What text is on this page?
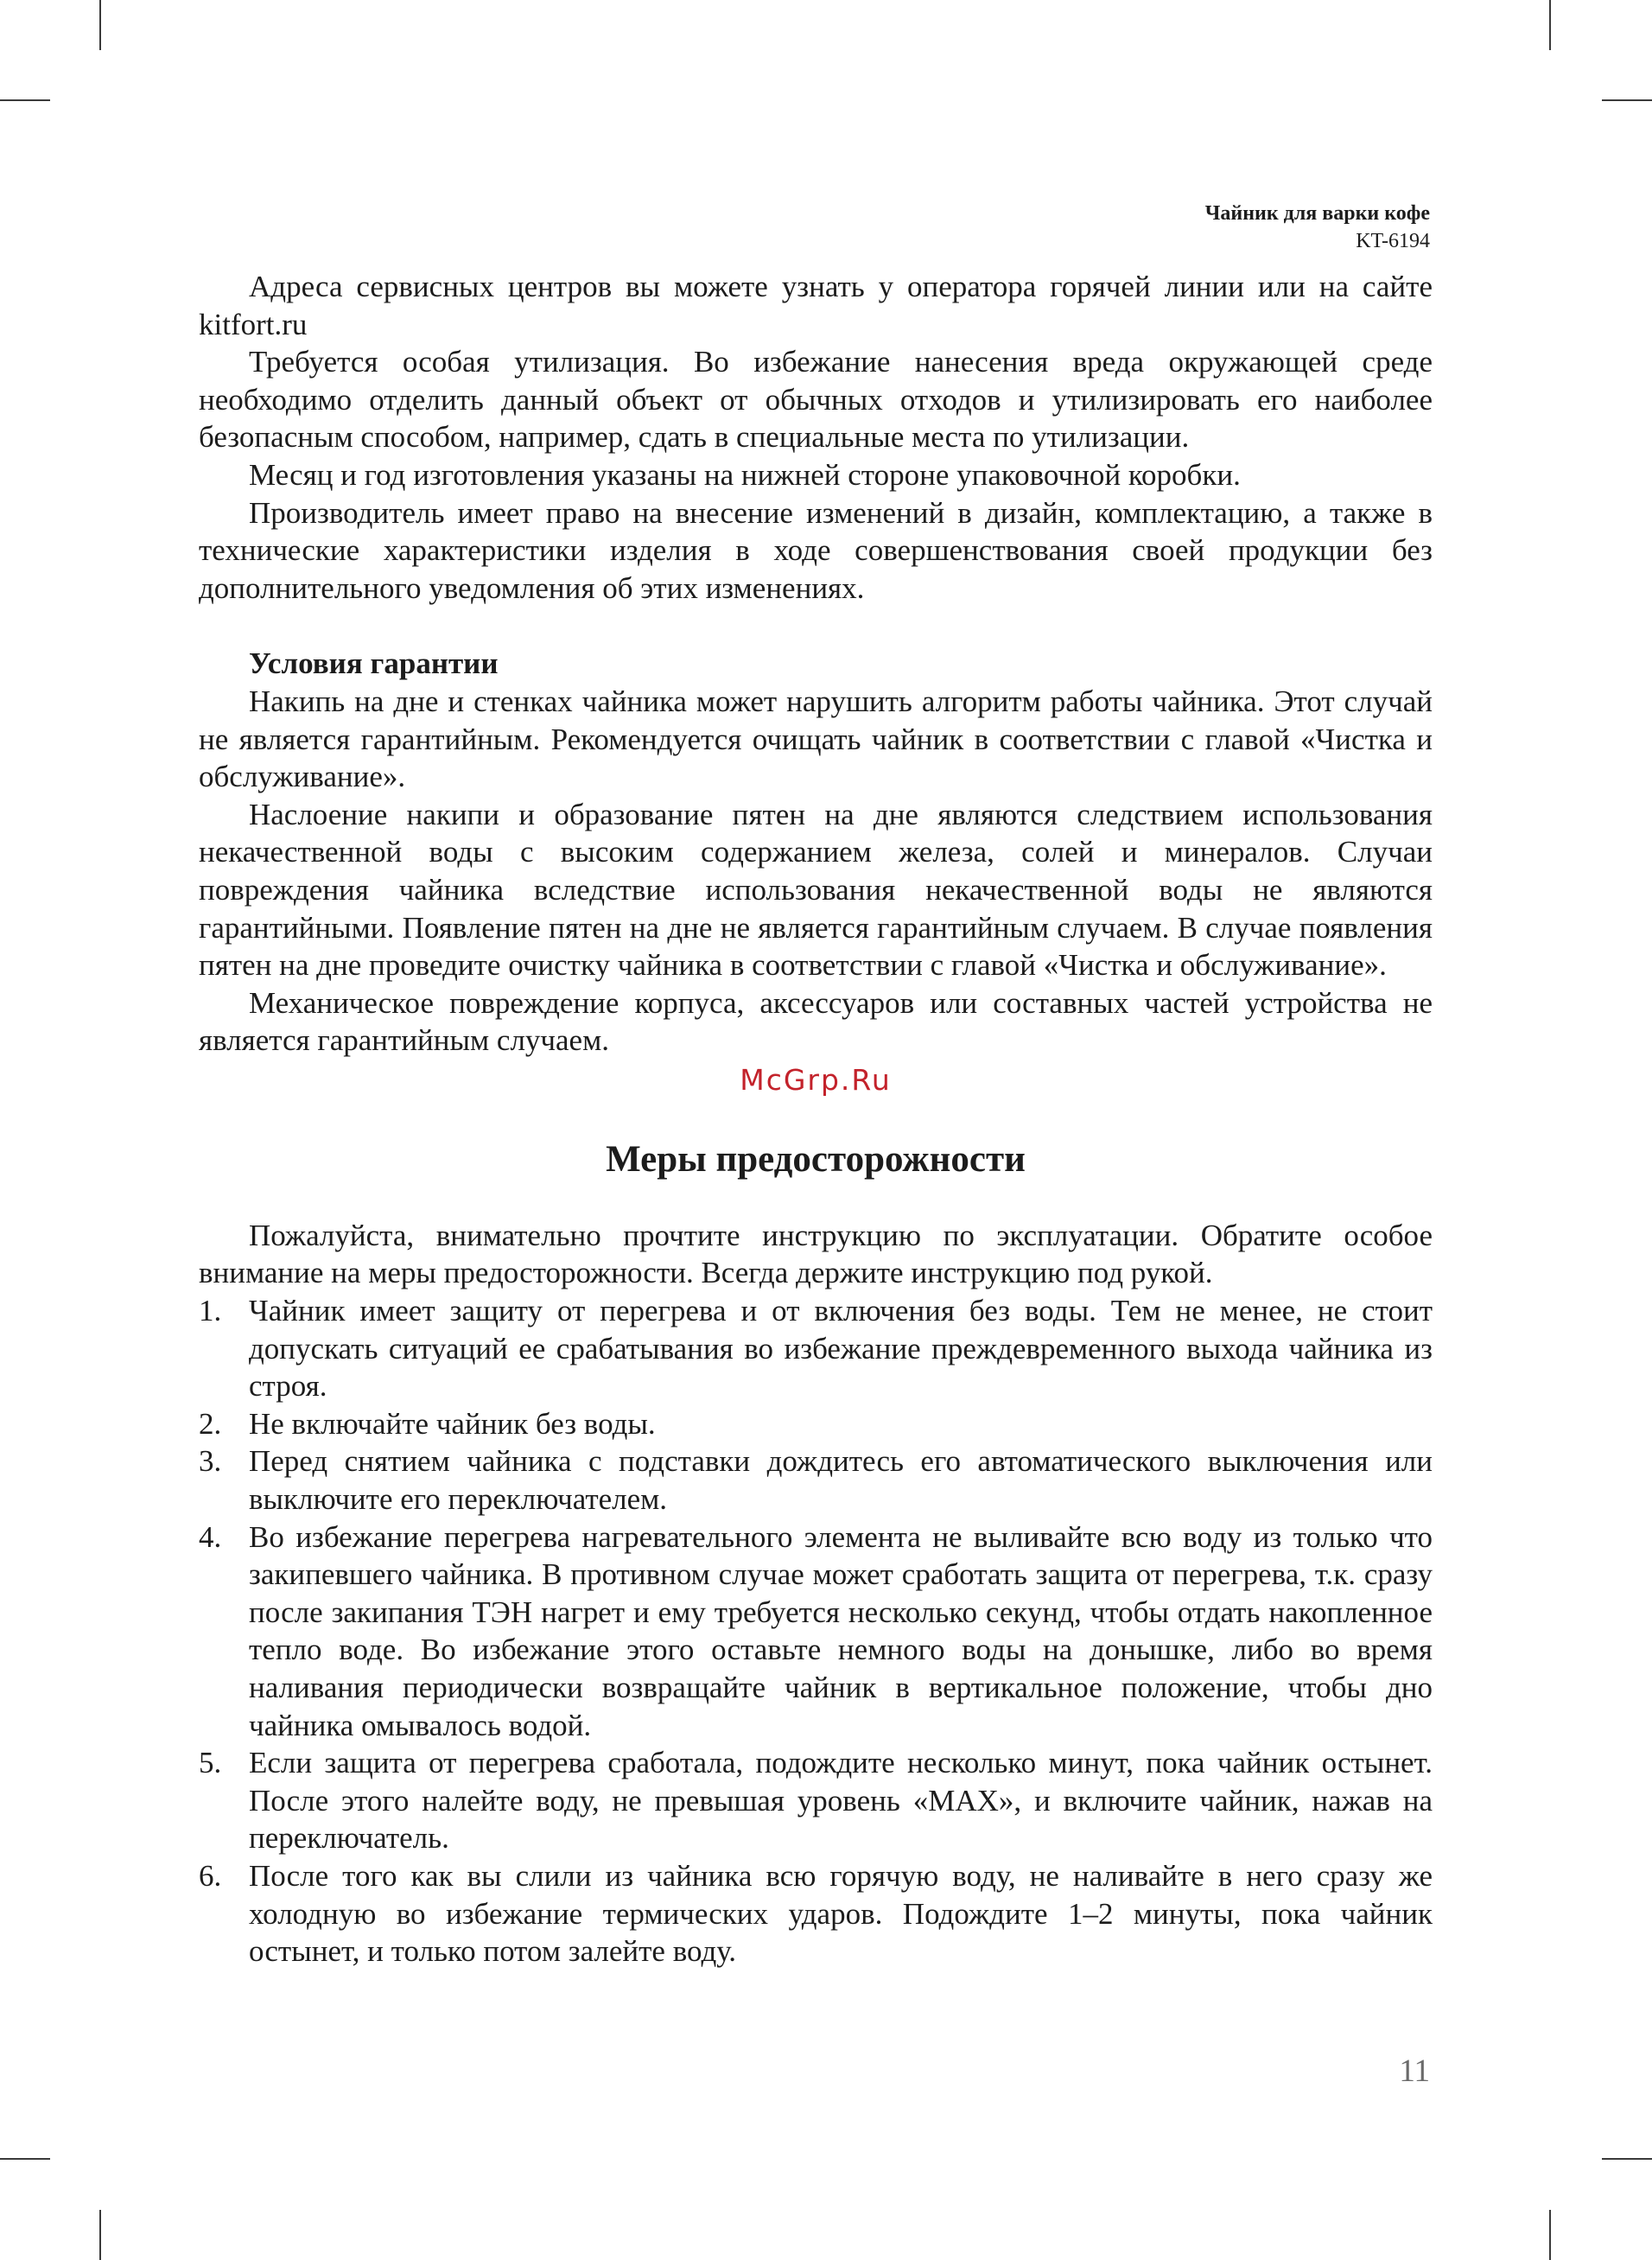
Чайник для варки кофе
KT-6194

Адреса сервисных центров вы можете узнать у оператора горячей линии или на сайте kitfort.ru

Требуется особая утилизация. Во избежание нанесения вреда окружающей среде необходимо отделить данный объект от обычных отходов и утилизировать его наиболее безопасным способом, например, сдать в специальные места по утилизации.

Месяц и год изготовления указаны на нижней стороне упаковочной коробки.

Производитель имеет право на внесение изменений в дизайн, комплектацию, а также в технические характеристики изделия в ходе совершенствования своей продукции без дополнительного уведомления об этих изменениях.

Условия гарантии

Накипь на дне и стенках чайника может нарушить алгоритм работы чайника. Этот случай не является гарантийным. Рекомендуется очищать чайник в соответствии с главой «Чистка и обслуживание».

Наслоение накипи и образование пятен на дне являются следствием использования некачественной воды с высоким содержанием железа, солей и минералов. Случаи повреждения чайника вследствие использования некачественной воды не являются гарантийными. Появление пятен на дне не является гарантийным случаем. В случае появления пятен на дне проведите очистку чайника в соответствии с главой «Чистка и обслуживание».

Механическое повреждение корпуса, аксессуаров или составных частей устройства не является гарантийным случаем.

McGrp.Ru
Меры предосторожности

Пожалуйста, внимательно прочтите инструкцию по эксплуатации. Обратите особое внимание на меры предосторожности. Всегда держите инструкцию под рукой.

1. Чайник имеет защиту от перегрева и от включения без воды. Тем не менее, не стоит допускать ситуаций ее срабатывания во избежание преждевременного выхода чайника из строя.
2. Не включайте чайник без воды.
3. Перед снятием чайника с подставки дождитесь его автоматического выключения или выключите его переключателем.
4. Во избежание перегрева нагревательного элемента не выливайте всю воду из только что закипевшего чайника. В противном случае может сработать защита от перегрева, т.к. сразу после закипания ТЭН нагрет и ему требуется несколько секунд, чтобы отдать накопленное тепло воде. Во избежание этого оставьте немного воды на донышке, либо во время наливания периодически возвращайте чайник в вертикальное положение, чтобы дно чайника омывалось водой.
5. Если защита от перегрева сработала, подождите несколько минут, пока чайник остынет. После этого налейте воду, не превышая уровень «MAX», и включите чайник, нажав на переключатель.
6. После того как вы слили из чайника всю горячую воду, не наливайте в него сразу же холодную во избежание термических ударов. Подождите 1–2 минуты, пока чайник остынет, и только потом залейте воду.
11
